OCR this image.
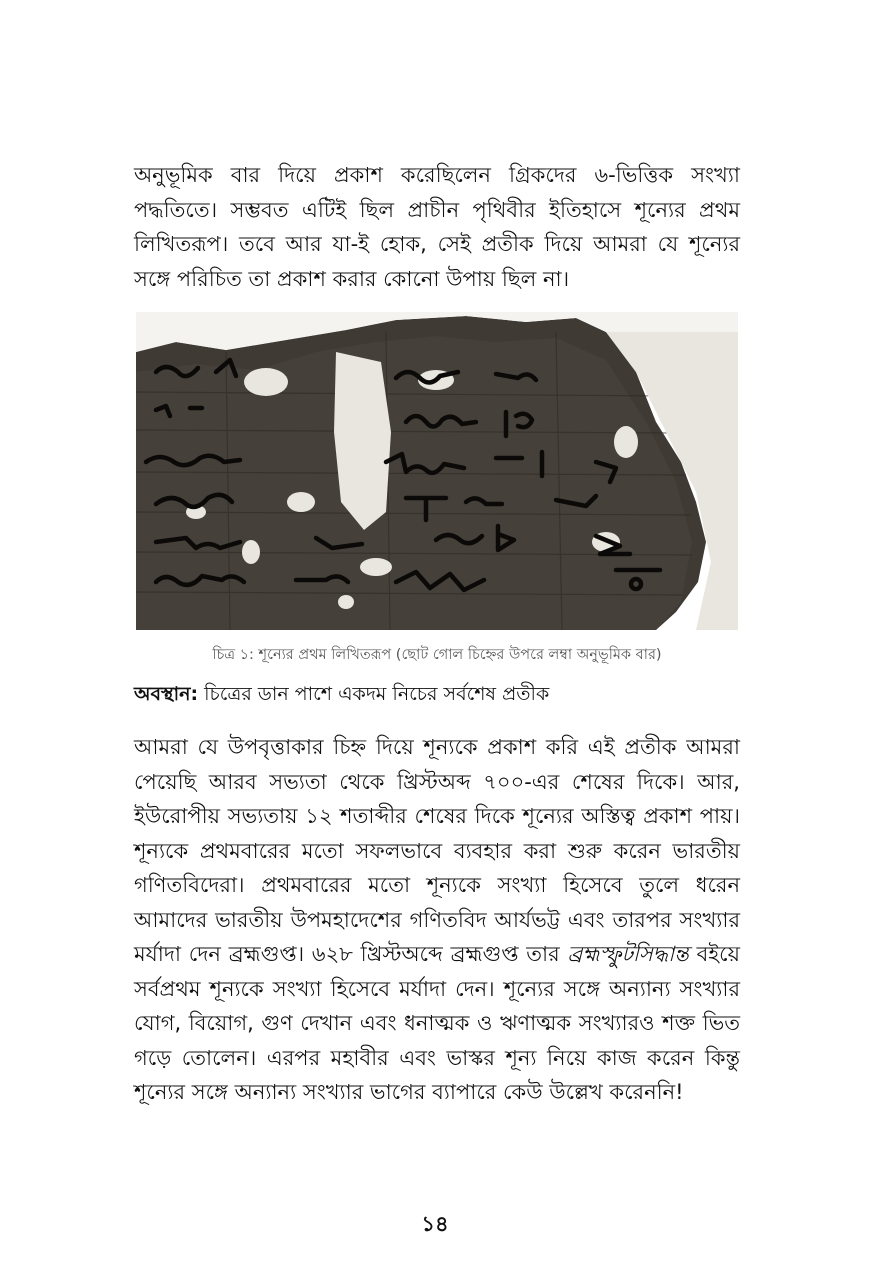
অনুভূমিক বার দিয়ে প্রকাশ করেছিলেন গ্রিকদের ৬-ভিত্তিক সংখ্যা পদ্ধতিতে। সম্ভবত এটিই ছিল প্রাচীন পৃথিবীর ইতিহাসে শূন্যের প্রথম লিখিতরূপ। তবে আর যা-ই হোক, সেই প্রতীক দিয়ে আমরা যে শূন্যের সঙ্গে পরিচিত তা প্রকাশ করার কোনো উপায় ছিল না।

চিত্র ১: শূন্যের প্রথম লিখিতরূপ (ছোট গোল চিহ্নের উপরে লম্বা অনুভূমিক বার)

অবস্থান: চিত্রের ডান পাশে একদম নিচের সর্বশেষ প্রতীক

আমরা যে উপবৃত্তাকার চিহ্ন দিয়ে শূন্যকে প্রকাশ করি এই প্রতীক আমরা পেয়েছি আরব সভ্যতা থেকে খ্রিস্টঅব্দ ৭০০-এর শেষের দিকে। আর, ইউরোপীয় সভ্যতায় ১২ শতাব্দীর শেষের দিকে শূন্যের অস্তিত্ব প্রকাশ পায়। শূন্যকে প্রথমবারের মতো সফলভাবে ব্যবহার করা শুরু করেন ভারতীয় গণিতবিদেরা। প্রথমবারের মতো শূন্যকে সংখ্যা হিসেবে তুলে ধরেন আমাদের ভারতীয় উপমহাদেশের গণিতবিদ আর্যভট্ট এবং তারপর সংখ্যার মর্যাদা দেন ব্রহ্মগুপ্ত। ৬২৮ খ্রিস্টঅব্দে ব্রহ্মগুপ্ত তার ব্রহ্মস্ফুটসিদ্ধান্ত বইয়ে সর্বপ্রথম শূন্যকে সংখ্যা হিসেবে মর্যাদা দেন। শূন্যের সঙ্গে অন্যান্য সংখ্যার যোগ, বিয়োগ, গুণ দেখান এবং ধনাত্মক ও ঋণাত্মক সংখ্যারও শক্ত ভিত গড়ে তোলেন। এরপর মহাবীর এবং ভাস্কর শূন্য নিয়ে কাজ করেন কিন্তু শূন্যের সঙ্গে অন্যান্য সংখ্যার ভাগের ব্যাপারে কেউ উল্লেখ করেননি!

১৪
